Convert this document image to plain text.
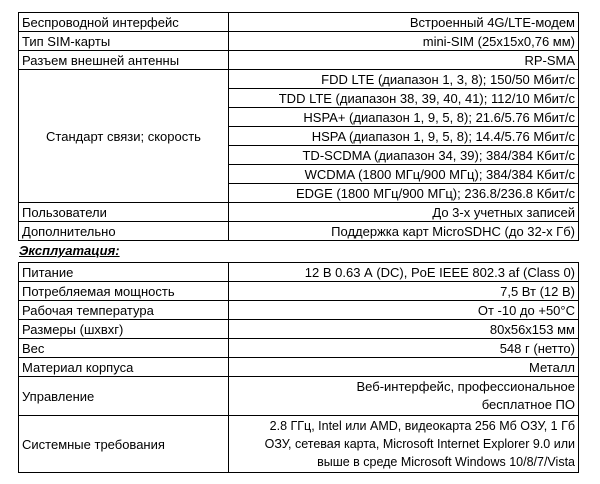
Беспроводной интерфейс	Встроенный 4G/LTE-модем
Тип SIM-карты	mini-SIM (25x15x0,76 мм)
Разъем внешней антенны	RP-SMA
Стандарт связи; скорость	FDD LTE (диапазон 1, 3, 8); 150/50 Мбит/с
	TDD LTE (диапазон 38, 39, 40, 41); 112/10 Мбит/с
	HSPA+ (диапазон 1, 9, 5, 8); 21.6/5.76 Мбит/с
	HSPA (диапазон 1, 9, 5, 8); 14.4/5.76 Мбит/с
	TD-SCDMA (диапазон 34, 39); 384/384 Кбит/с
	WCDMA (1800 МГц/900 МГц); 384/384 Кбит/с
	EDGE (1800 МГц/900 МГц); 236.8/236.8 Кбит/с
Пользователи	До 3-х учетных записей
Дополнительно	Поддержка карт MicroSDHC (до 32-х Гб)
Эксплуатация:
Питание	12 В 0.63 А (DC), PoE IEEE 802.3 af (Class 0)
Потребляемая мощность	7,5 Вт (12 В)
Рабочая температура	От -10 до +50°С
Размеры (шхвхг)	80x56x153 мм
Вес	548 г (нетто)
Материал корпуса	Металл
Управление	Веб-интерфейс, профессиональное
бесплатное ПО

Системные требования	2.8 ГГц, Intel или AMD, видеокарта 256 Мб ОЗУ, 1 Гб
ОЗУ, сетевая карта, Microsoft Internet Explorer 9.0 или
выше в среде Microsoft Windows 10/8/7/Vista
